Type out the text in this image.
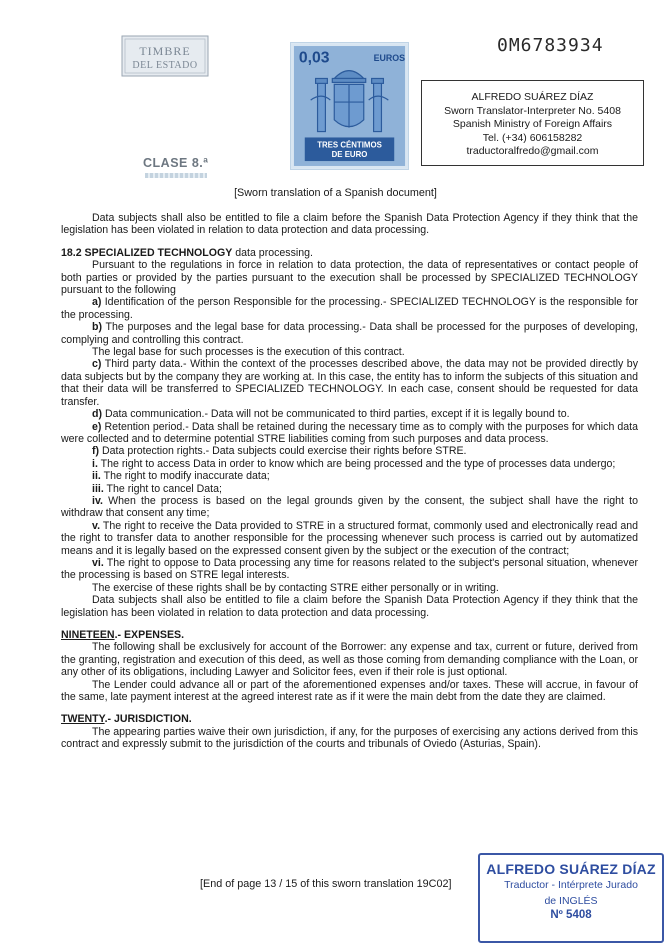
TIMBRE
DEL ESTADO
CLASE 8.ª
0,03	EUROS
TRES CÉNTIMOS
DE EURO
0M6783934
ALFREDO SUÁREZ DÍAZ
Sworn Translator-Interpreter No. 5408
Spanish Ministry of Foreign Affairs
Tel. (+34) 606158282
traductoralfredo@gmail.com
[Sworn translation of a Spanish document]

Data subjects shall also be entitled to file a claim before the Spanish Data Protection Agency if they think that the legislation has been violated in relation to data protection and data processing.

18.2 SPECIALIZED TECHNOLOGY data processing.

Pursuant to the regulations in force in relation to data protection, the data of representatives or contact people of both parties or provided by the parties pursuant to the execution shall be processed by SPECIALIZED TECHNOLOGY pursuant to the following

a) Identification of the person Responsible for the processing.- SPECIALIZED TECHNOLOGY is the responsible for the processing.

b) The purposes and the legal base for data processing.- Data shall be processed for the purposes of developing, complying and controlling this contract.

The legal base for such processes is the execution of this contract.

c) Third party data.- Within the context of the processes described above, the data may not be provided directly by data subjects but by the company they are working at. In this case, the entity has to inform the subjects of this situation and that their data will be transferred to SPECIALIZED TECHNOLOGY. In each case, consent should be requested for data transfer.

d) Data communication.- Data will not be communicated to third parties, except if it is legally bound to.

e) Retention period.- Data shall be retained during the necessary time as to comply with the purposes for which data were collected and to determine potential STRE liabilities coming from such purposes and data process.

f) Data protection rights.- Data subjects could exercise their rights before STRE.

i. The right to access Data in order to know which are being processed and the type of processes data undergo;

ii. The right to modify inaccurate data;

iii. The right to cancel Data;

iv. When the process is based on the legal grounds given by the consent, the subject shall have the right to withdraw that consent any time;

v. The right to receive the Data provided to STRE in a structured format, commonly used and electronically read and the right to transfer data to another responsible for the processing whenever such process is carried out by automatized means and it is legally based on the expressed consent given by the subject or the execution of the contract;

vi. The right to oppose to Data processing any time for reasons related to the subject's personal situation, whenever the processing is based on STRE legal interests.

The exercise of these rights shall be by contacting STRE either personally or in writing.

Data subjects shall also be entitled to file a claim before the Spanish Data Protection Agency if they think that the legislation has been violated in relation to data protection and data processing.

NINETEEN.- EXPENSES.

The following shall be exclusively for account of the Borrower: any expense and tax, current or future, derived from the granting, registration and execution of this deed, as well as those coming from demanding compliance with the Loan, or any other of its obligations, including Lawyer and Solicitor fees, even if their role is just optional.

The Lender could advance all or part of the aforementioned expenses and/or taxes. These will accrue, in favour of the same, late payment interest at the agreed interest rate as if it were the main debt from the date they are claimed.

TWENTY.- JURISDICTION.

The appearing parties waive their own jurisdiction, if any, for the purposes of exercising any actions derived from this contract and expressly submit to the jurisdiction of the courts and tribunals of Oviedo (Asturias, Spain).

[End of page 13 / 15 of this sworn translation 19C02]
ALFREDO SUÁREZ DÍAZ
Traductor - Intérprete Jurado
de INGLÉS
Nº 5408
